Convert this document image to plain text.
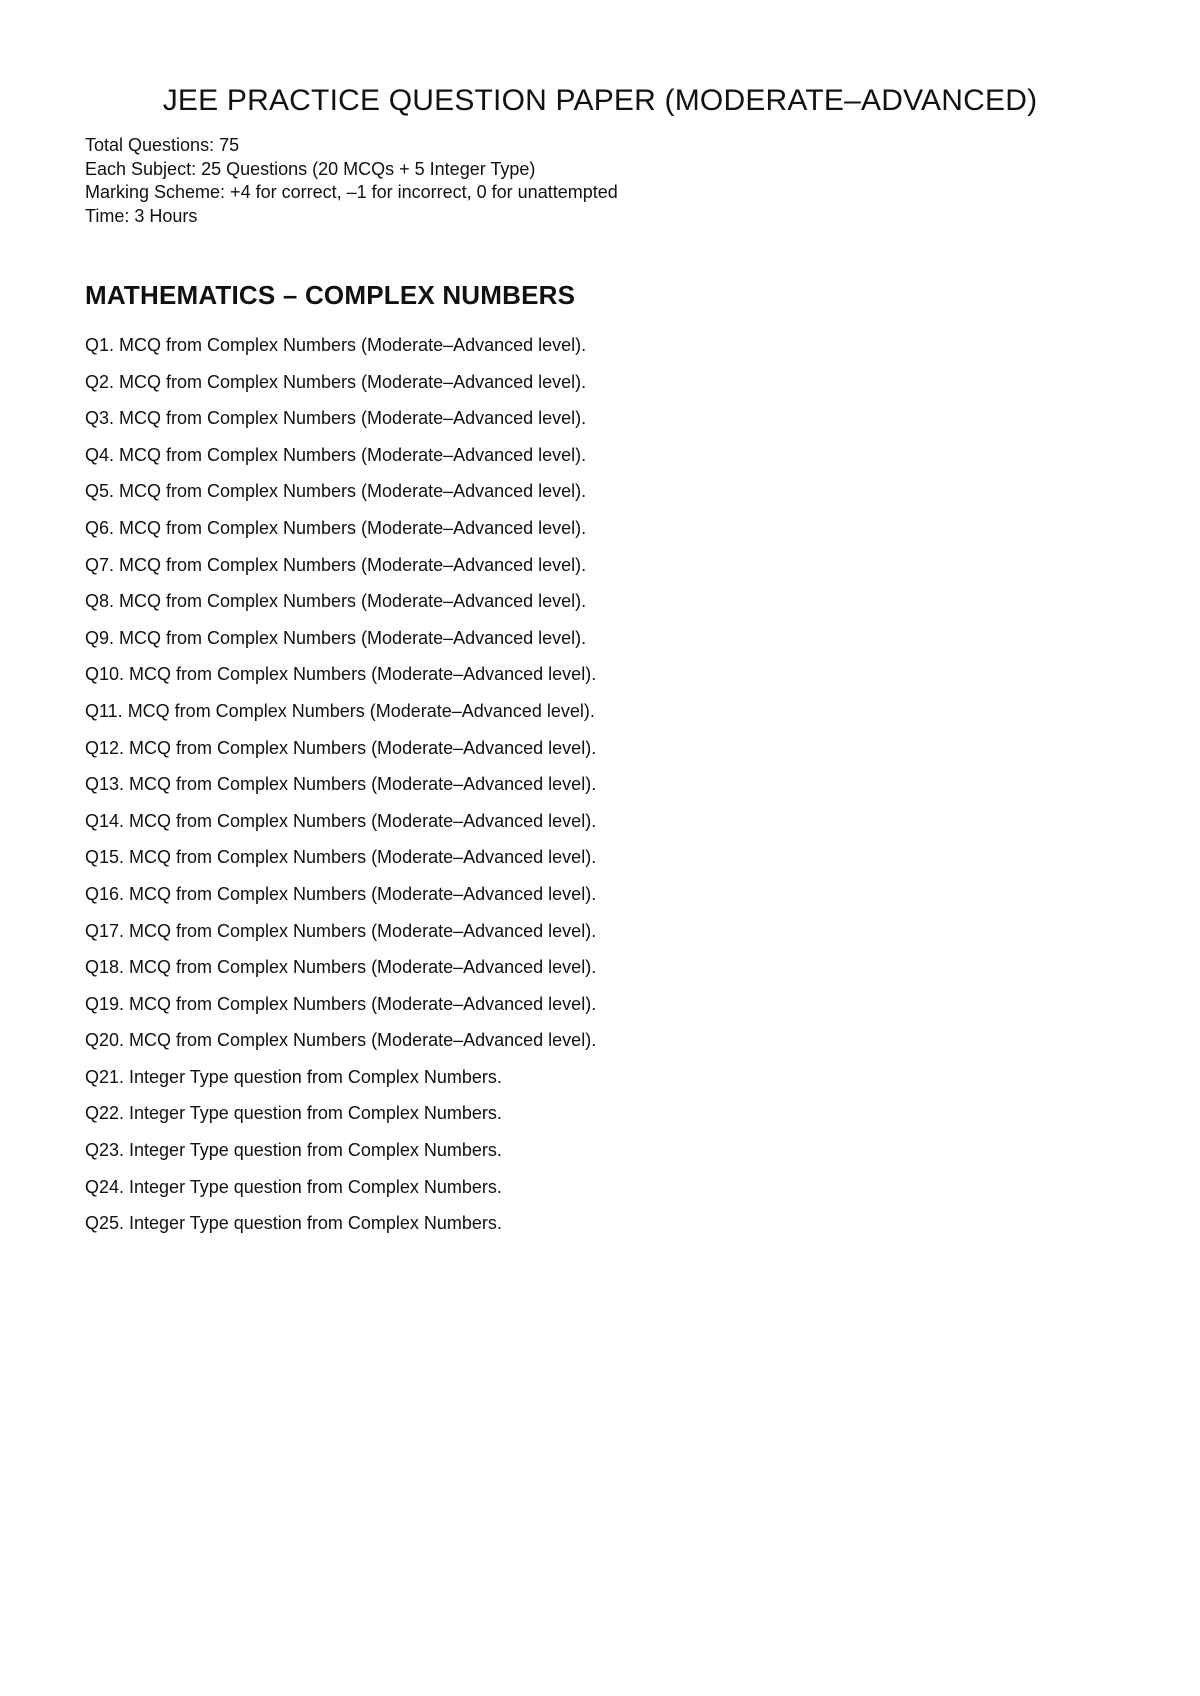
JEE PRACTICE QUESTION PAPER (MODERATE–ADVANCED)
Total Questions: 75
Each Subject: 25 Questions (20 MCQs + 5 Integer Type)
Marking Scheme: +4 for correct, –1 for incorrect, 0 for unattempted
Time: 3 Hours
MATHEMATICS – COMPLEX NUMBERS
Q1. MCQ from Complex Numbers (Moderate–Advanced level).
Q2. MCQ from Complex Numbers (Moderate–Advanced level).
Q3. MCQ from Complex Numbers (Moderate–Advanced level).
Q4. MCQ from Complex Numbers (Moderate–Advanced level).
Q5. MCQ from Complex Numbers (Moderate–Advanced level).
Q6. MCQ from Complex Numbers (Moderate–Advanced level).
Q7. MCQ from Complex Numbers (Moderate–Advanced level).
Q8. MCQ from Complex Numbers (Moderate–Advanced level).
Q9. MCQ from Complex Numbers (Moderate–Advanced level).
Q10. MCQ from Complex Numbers (Moderate–Advanced level).
Q11. MCQ from Complex Numbers (Moderate–Advanced level).
Q12. MCQ from Complex Numbers (Moderate–Advanced level).
Q13. MCQ from Complex Numbers (Moderate–Advanced level).
Q14. MCQ from Complex Numbers (Moderate–Advanced level).
Q15. MCQ from Complex Numbers (Moderate–Advanced level).
Q16. MCQ from Complex Numbers (Moderate–Advanced level).
Q17. MCQ from Complex Numbers (Moderate–Advanced level).
Q18. MCQ from Complex Numbers (Moderate–Advanced level).
Q19. MCQ from Complex Numbers (Moderate–Advanced level).
Q20. MCQ from Complex Numbers (Moderate–Advanced level).
Q21. Integer Type question from Complex Numbers.
Q22. Integer Type question from Complex Numbers.
Q23. Integer Type question from Complex Numbers.
Q24. Integer Type question from Complex Numbers.
Q25. Integer Type question from Complex Numbers.
